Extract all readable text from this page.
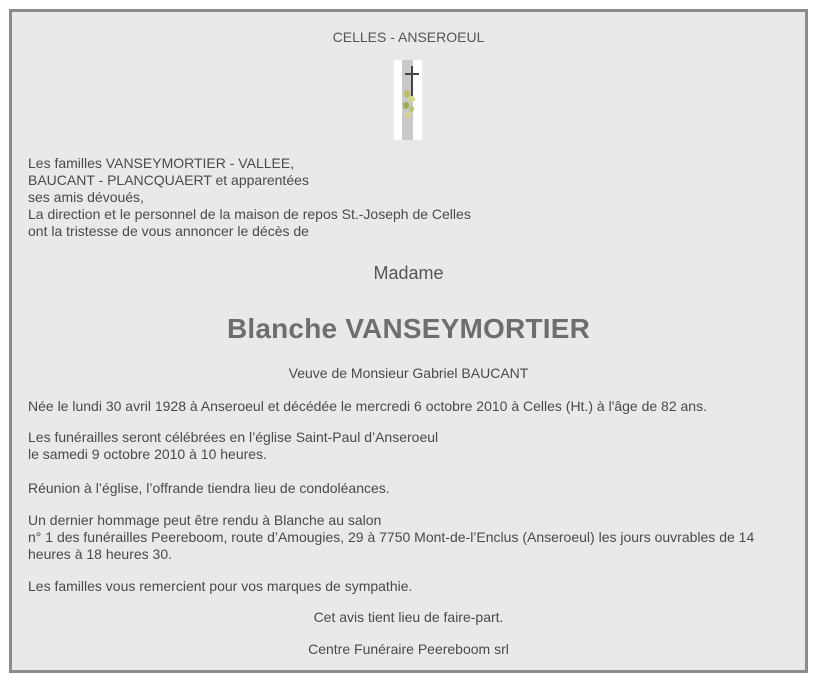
CELLES - ANSEROEUL
Les familles VANSEYMORTIER - VALLEE,
BAUCANT - PLANCQUAERT et apparentées
ses amis dévoués,
La direction et le personnel de la maison de repos St.-Joseph de Celles
ont la tristesse de vous annoncer le décès de
Madame
Blanche VANSEYMORTIER
Veuve de Monsieur Gabriel BAUCANT
Née le lundi 30 avril 1928 à Anseroeul et décédée le mercredi 6 octobre 2010 à Celles (Ht.) à l'âge de 82 ans.
Les funérailles seront célébrées en l’église Saint-Paul d’Anseroeul
le samedi 9 octobre 2010 à 10 heures.
Réunion à l’église, l’offrande tiendra lieu de condoléances.
Un dernier hommage peut être rendu à Blanche au salon
n° 1 des funérailles Peereboom, route d’Amougies, 29 à 7750 Mont-de-l’Enclus (Anseroeul) les jours ouvrables de 14
heures à 18 heures 30.
Les familles vous remercient pour vos marques de sympathie.
Cet avis tient lieu de faire-part.
Centre Funéraire Peereboom srl
